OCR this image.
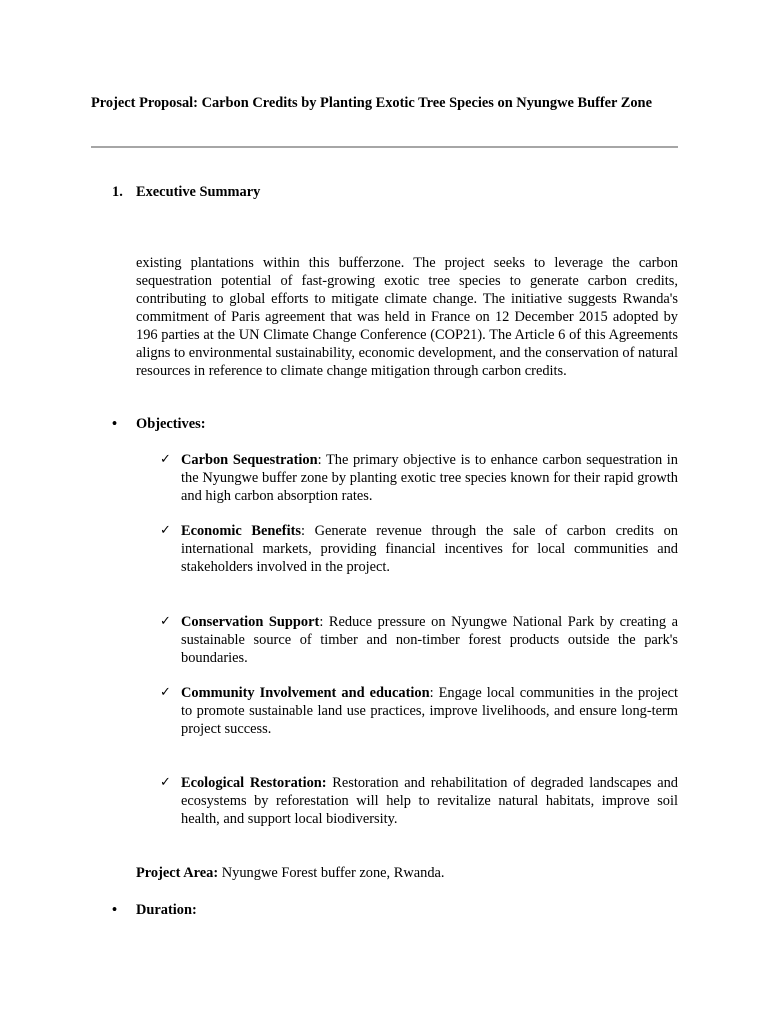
Project Proposal: Carbon Credits by Planting Exotic Tree Species on Nyungwe Buffer Zone

1. Executive Summary

existing plantations within this bufferzone. The project seeks to leverage the carbon sequestration potential of fast-growing exotic tree species to generate carbon credits, contributing to global efforts to mitigate climate change. The initiative suggests Rwanda's commitment of Paris agreement that was held in France on 12 December 2015 adopted by 196 parties at the UN Climate Change Conference (COP21). The Article 6 of this Agreements aligns to environmental sustainability, economic development, and the conservation of natural resources in reference to climate change mitigation through carbon credits.

• Objectives:

✓ Carbon Sequestration: The primary objective is to enhance carbon sequestration in the Nyungwe buffer zone by planting exotic tree species known for their rapid growth and high carbon absorption rates.
✓ Economic Benefits: Generate revenue through the sale of carbon credits on international markets, providing financial incentives for local communities and stakeholders involved in the project.
✓ Conservation Support: Reduce pressure on Nyungwe National Park by creating a sustainable source of timber and non-timber forest products outside the park's boundaries.
✓ Community Involvement and education: Engage local communities in the project to promote sustainable land use practices, improve livelihoods, and ensure long-term project success.
✓ Ecological Restoration: Restoration and rehabilitation of degraded landscapes and ecosystems by reforestation will help to revitalize natural habitats, improve soil health, and support local biodiversity.

Project Area: Nyungwe Forest buffer zone, Rwanda.

• Duration:
